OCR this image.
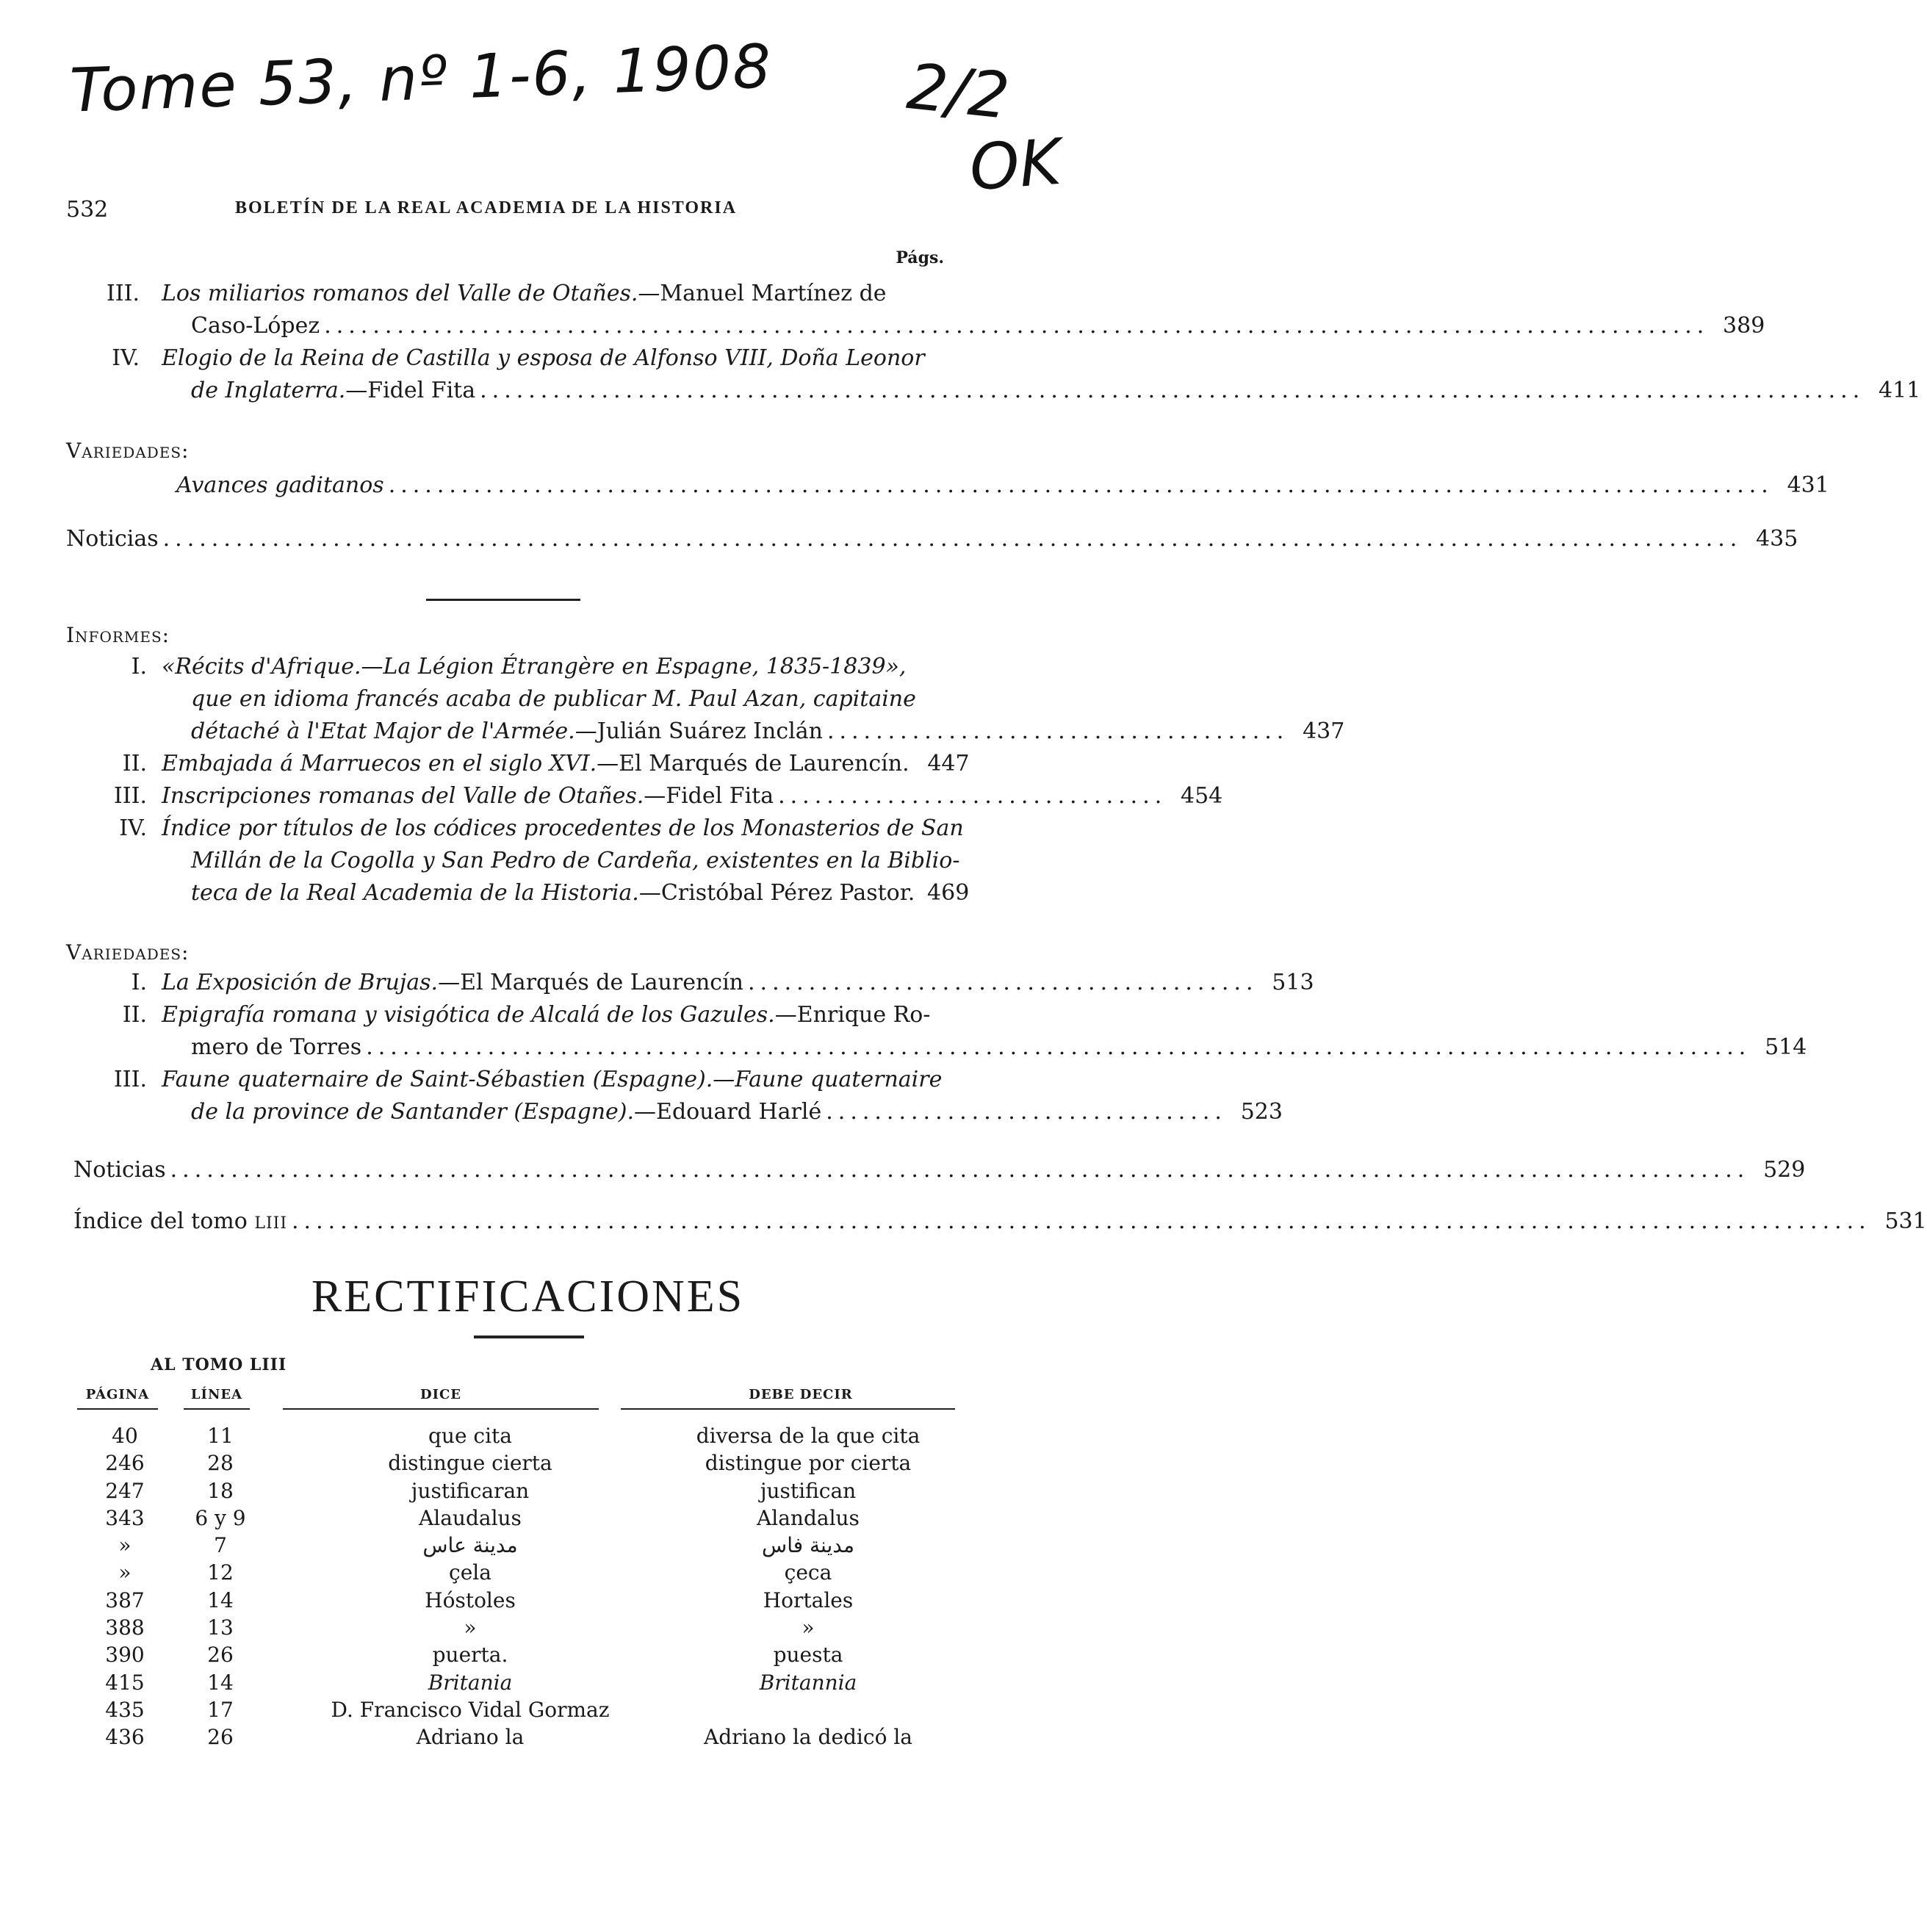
Tome 53, nº 1-6, 1908 2/2
OK
532	BOLETÍN DE LA REAL ACADEMIA DE LA HISTORIA
Págs.
III. Los miliarios romanos del Valle de Otañes.—Manuel Martínez de
Caso-López .................................................................................................................. 389
IV. Elogio de la Reina de Castilla y esposa de Alfonso VIII, Doña Leonor
de Inglaterra.—Fidel Fita .................................................................................................................. 411
Variedades:
Avances gaditanos .................................................................................................................. 431
Noticias .................................................................................................................................. 435
Informes:
I. «Récits d'Afrique.—La Légion Étrangère en Espagne, 1835-1839»,
que en idioma francés acaba de publicar M. Paul Azan, capitaine
détaché à l'Etat Major de l'Armée.—Julián Suárez Inclán ...................................... 437
II. Embajada á Marruecos en el siglo XVI.—El Marqués de Laurencín. 447
III. Inscripciones romanas del Valle de Otañes.—Fidel Fita ................................ 454
IV. Índice por títulos de los códices procedentes de los Monasterios de San
Millán de la Cogolla y San Pedro de Cardeña, existentes en la Biblio-
teca de la Real Academia de la Historia.—Cristóbal Pérez Pastor. 469
Variedades:
I. La Exposición de Brujas.—El Marqués de Laurencín .......................................... 513
II. Epigrafía romana y visigótica de Alcalá de los Gazules.—Enrique Ro-
mero de Torres .................................................................................................................. 514
III. Faune quaternaire de Saint-Sébastien (Espagne).—Faune quaternaire
de la province de Santander (Espagne).—Edouard Harlé ................................. 523
Noticias .................................................................................................................................. 529
Índice del tomo LIII .................................................................................................................................. 531
RECTIFICACIONES
AL TOMO LIII
PÁGINA	LÍNEA	DICE	DEBE DECIR
40	11	que cita	diversa de la que cita
246	28	distingue cierta	distingue por cierta
247	18	justificaran	justifican
343	6 y 9	Alaudalus	Alandalus
»	7	مدينة عاس	مدينة فاس
»	12	çela	çeca
387	14	Hóstoles	Hortales
388	13	»	»
390	26	puerta.	puesta
415	14	Britania	Britannia
435	17	D. Francisco Vidal Gormaz
436	26	Adriano la	Adriano la dedicó la
